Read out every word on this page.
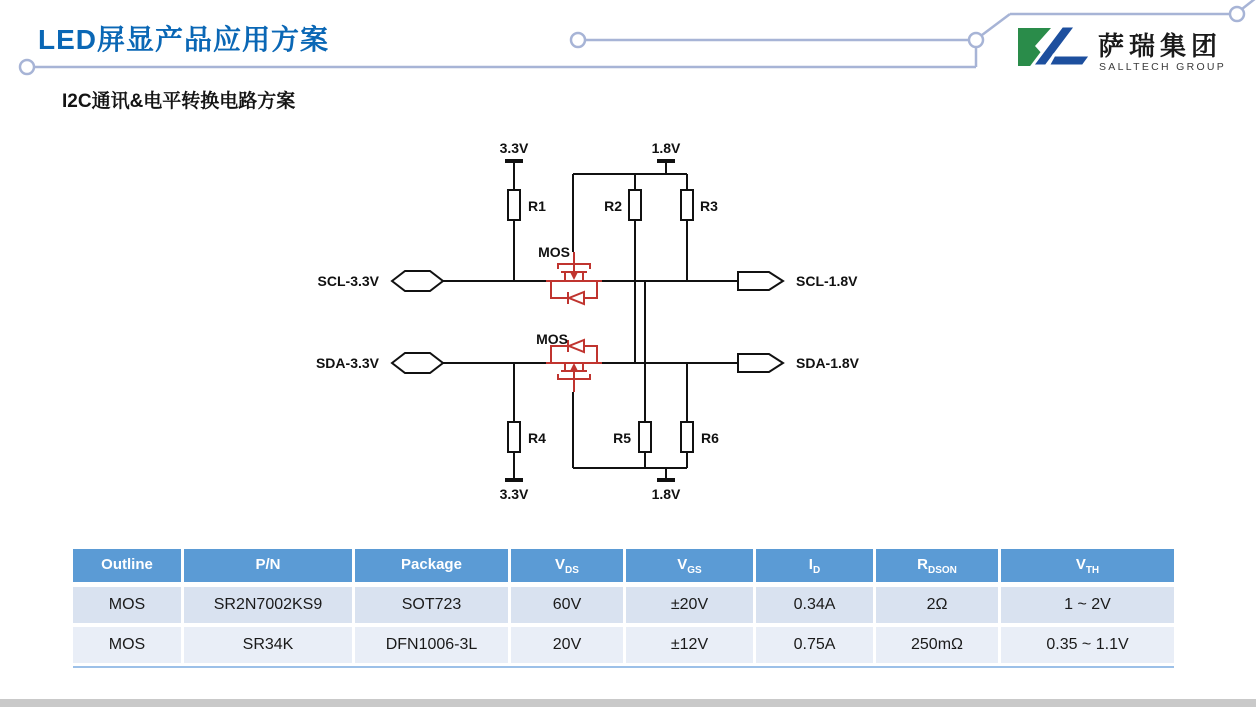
LED屏显产品应用方案
I2C通讯&电平转换电路方案
萨瑞集团
SALLTECH GROUP
3.3V	1.8V
3.3V	1.8V
R1	R2	R3
R4	R5	R6
MOS
MOS
SCL-3.3V
SDA-3.3V
SCL-1.8V
SDA-1.8V
Outline	P/N	Package	$V_{DS}$	$V_{GS}$	$I_D$	$R_{DSON}$	$V_{TH}$
MOS	SR2N7002KS9	SOT723	60V	±20V	0.34A	2Ω	1 ~ 2V
MOS	SR34K	DFN1006-3L	20V	±12V	0.75A	250mΩ	0.35 ~ 1.1V
